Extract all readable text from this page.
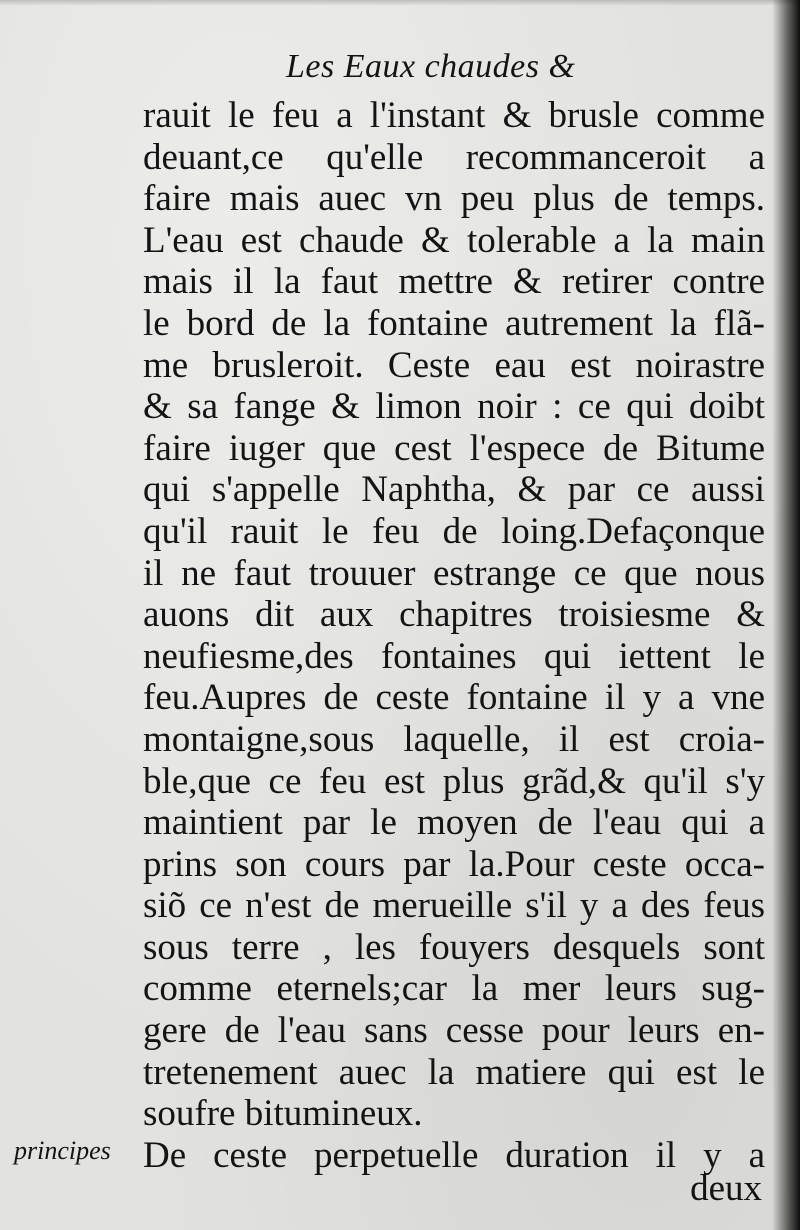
Les Eaux chaudes &
rauit le feu a l'instant & brusle comme
deuant,ce qu'elle recommanceroit a
faire mais auec vn peu plus de temps.
L'eau est chaude & tolerable a la main
mais il la faut mettre & retirer contre
le bord de la fontaine autrement la flã-
me brusleroit. Ceste eau est noirastre
& sa fange & limon noir : ce qui doibt
faire iuger que cest l'espece de Bitume
qui s'appelle Naphtha, & par ce aussi
qu'il rauit le feu de loing.Defaçonque
il ne faut trouuer estrange ce que nous
auons dit aux chapitres troisiesme &
neufiesme,des fontaines qui iettent le
feu.Aupres de ceste fontaine il y a vne
montaigne,sous laquelle, il est croia-
ble,que ce feu est plus grãd,& qu'il s'y
maintient par le moyen de l'eau qui a
prins son cours par la.Pour ceste occa-
siõ ce n'est de merueille s'il y a des feus
sous terre , les fouyers desquels sont
comme eternels;car la mer leurs sug-
gere de l'eau sans cesse pour leurs en-
tretenement auec la matiere qui est le
soufre bitumineux.
De ceste perpetuelle duration il y a
principes
deux
